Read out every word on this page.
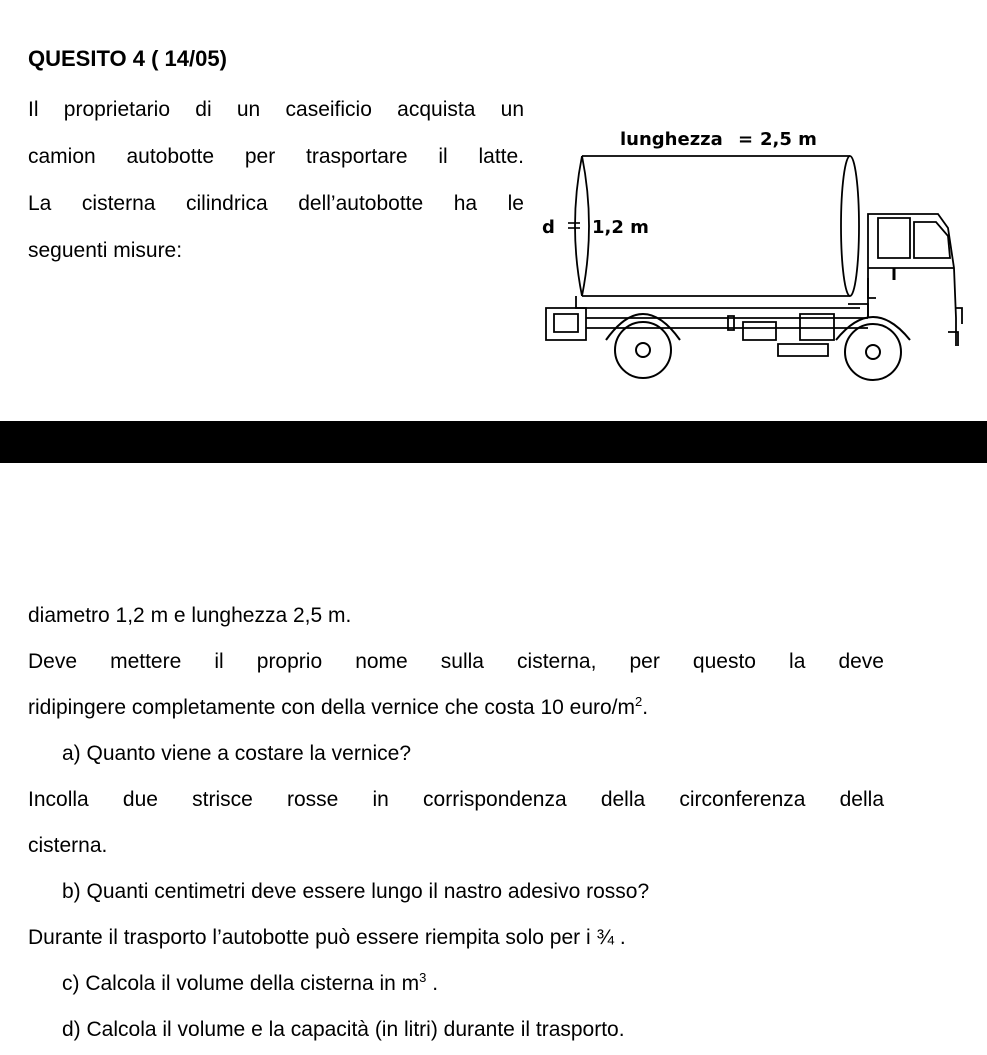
QUESITO 4 ( 14/05)
Il proprietario di un caseificio acquista un
camion autobotte per trasportare il latte.
La cisterna cilindrica dell’autobotte ha le
seguenti misure:
lunghezza = 2,5 m
d 1,2 m
diametro 1,2 m e lunghezza 2,5 m.
Deve mettere il proprio nome sulla cisterna, per questo la deve
ridipingere completamente con della vernice che costa 10 euro/$m^2$.
a) Quanto viene a costare la vernice?
Incolla due strisce rosse in corrispondenza della circonferenza della
cisterna.
b) Quanti centimetri deve essere lungo il nastro adesivo rosso?
Durante il trasporto l’autobotte può essere riempita solo per i ¾ .
c) Calcola il volume della cisterna in $m^3$ .
d) Calcola il volume e la capacità (in litri) durante il trasporto.
